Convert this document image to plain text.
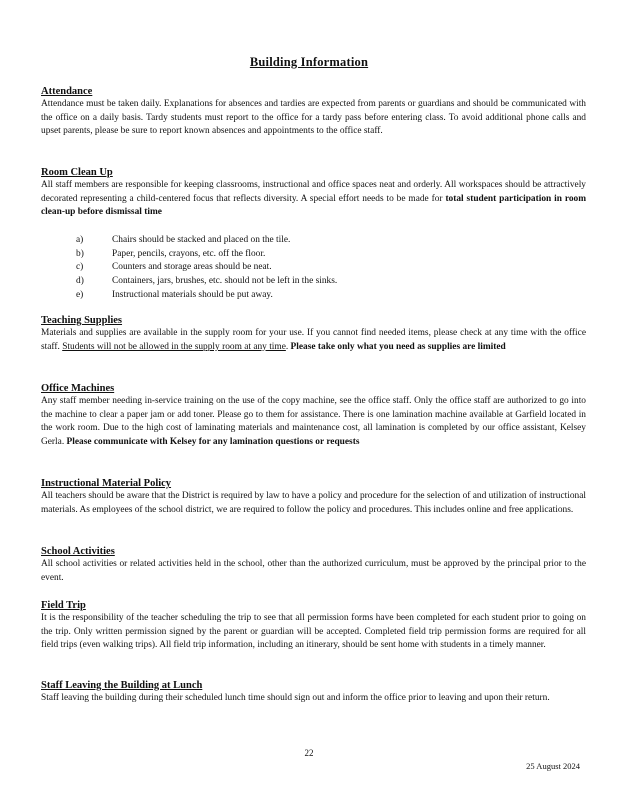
Building Information

Attendance

Attendance must be taken daily. Explanations for absences and tardies are expected from parents or guardians and should be communicated with the office on a daily basis. Tardy students must report to the office for a tardy pass before entering class. To avoid additional phone calls and upset parents, please be sure to report known absences and appointments to the office staff.

Room Clean Up

All staff members are responsible for keeping classrooms, instructional and office spaces neat and orderly. All workspaces should be attractively decorated representing a child-centered focus that reflects diversity. A special effort needs to be made for total student participation in room clean-up before dismissal time

a)	Chairs should be stacked and placed on the tile.
b)	Paper, pencils, crayons, etc. off the floor.
c)	Counters and storage areas should be neat.
d)	Containers, jars, brushes, etc. should not be left in the sinks.
e)	Instructional materials should be put away.

Teaching Supplies

Materials and supplies are available in the supply room for your use. If you cannot find needed items, please check at any time with the office staff. Students will not be allowed in the supply room at any time. Please take only what you need as supplies are limited

Office Machines

Any staff member needing in-service training on the use of the copy machine, see the office staff. Only the office staff are authorized to go into the machine to clear a paper jam or add toner. Please go to them for assistance. There is one lamination machine available at Garfield located in the work room. Due to the high cost of laminating materials and maintenance cost, all lamination is completed by our office assistant, Kelsey Gerla. Please communicate with Kelsey for any lamination questions or requests

Instructional Material Policy

All teachers should be aware that the District is required by law to have a policy and procedure for the selection of and utilization of instructional materials. As employees of the school district, we are required to follow the policy and procedures. This includes online and free applications.

School Activities

All school activities or related activities held in the school, other than the authorized curriculum, must be approved by the principal prior to the event.

Field Trip

It is the responsibility of the teacher scheduling the trip to see that all permission forms have been completed for each student prior to going on the trip. Only written permission signed by the parent or guardian will be accepted. Completed field trip permission forms are required for all field trips (even walking trips). All field trip information, including an itinerary, should be sent home with students in a timely manner.

Staff Leaving the Building at Lunch

Staff leaving the building during their scheduled lunch time should sign out and inform the office prior to leaving and upon their return.

22
25 August 2024
